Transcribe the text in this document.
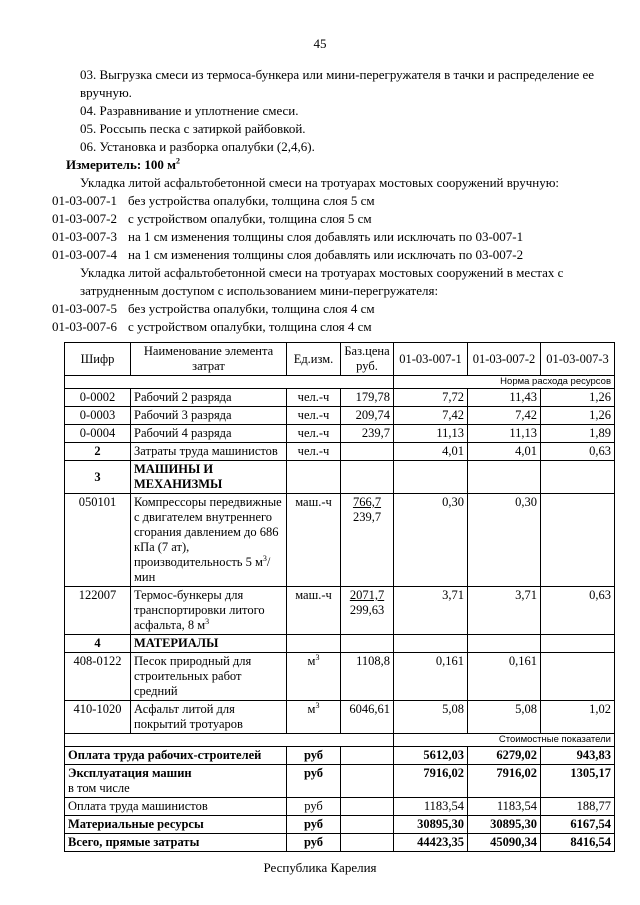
45

03. Выгрузка смеси из термоса-бункера или мини-перегружателя в тачки и распределение ее вручную.

04. Разравнивание и уплотнение смеси.

05. Россыпь песка с затиркой райбовкой.

06. Установка и разборка опалубки (2,4,6).

Измеритель: 100 $м^2$

Укладка литой асфальтобетонной смеси на тротуарах мостовых сооружений вручную:

01-03-007-1 без устройства опалубки, толщина слоя 5 см

01-03-007-2 с устройством опалубки, толщина слоя 5 см

01-03-007-3 на 1 см изменения толщины слоя добавлять или исключать по 03-007-1

01-03-007-4 на 1 см изменения толщины слоя добавлять или исключать по 03-007-2

Укладка литой асфальтобетонной смеси на тротуарах мостовых сооружений в местах с затрудненным доступом с использованием мини-перегружателя:

01-03-007-5 без устройства опалубки, толщина слоя 4 см

01-03-007-6 с устройством опалубки, толщина слоя 4 см

Шифр	Наименование элемента затрат	Ед.изм.	Баз.цена руб.	01-03-007-1	01-03-007-2	01-03-007-3
				Норма расхода ресурсов		
0-0002	Рабочий 2 разряда	чел.-ч	179,78	7,72	11,43	1,26
0-0003	Рабочий 3 разряда	чел.-ч	209,74	7,42	7,42	1,26
0-0004	Рабочий 4 разряда	чел.-ч	239,7	11,13	11,13	1,89
2	Затраты труда машинистов	чел.-ч		4,01	4,01	0,63
3	МАШИНЫ И МЕХАНИЗМЫ					
050101	Компрессоры передвижные с двигателем внутреннего сгорания давлением до 686 кПа (7 ат), производительность 5 $м^3$/мин	маш.-ч	766,7
239,7	0,30	0,30	
122007	Термос-бункеры для транспортировки литого асфальта, 8 $м^3$	маш.-ч	2071,7
299,63	3,71	3,71	0,63
4	МАТЕРИАЛЫ					
408-0122	Песок природный для строительных работ средний	$м^3$	1108,8	0,161	0,161	
410-1020	Асфальт литой для покрытий тротуаров	$м^3$	6046,61	5,08	5,08	1,02
				Стоимостные показатели		
Оплата труда рабочих-строителей		руб		5612,03	6279,02	943,83
Эксплуатация машин
в том числе		руб		7916,02	7916,02	1305,17
Оплата труда машинистов		руб		1183,54	1183,54	188,77
Материальные ресурсы		руб		30895,30	30895,30	6167,54
Всего, прямые затраты		руб		44423,35	45090,34	8416,54
Республика Карелия
